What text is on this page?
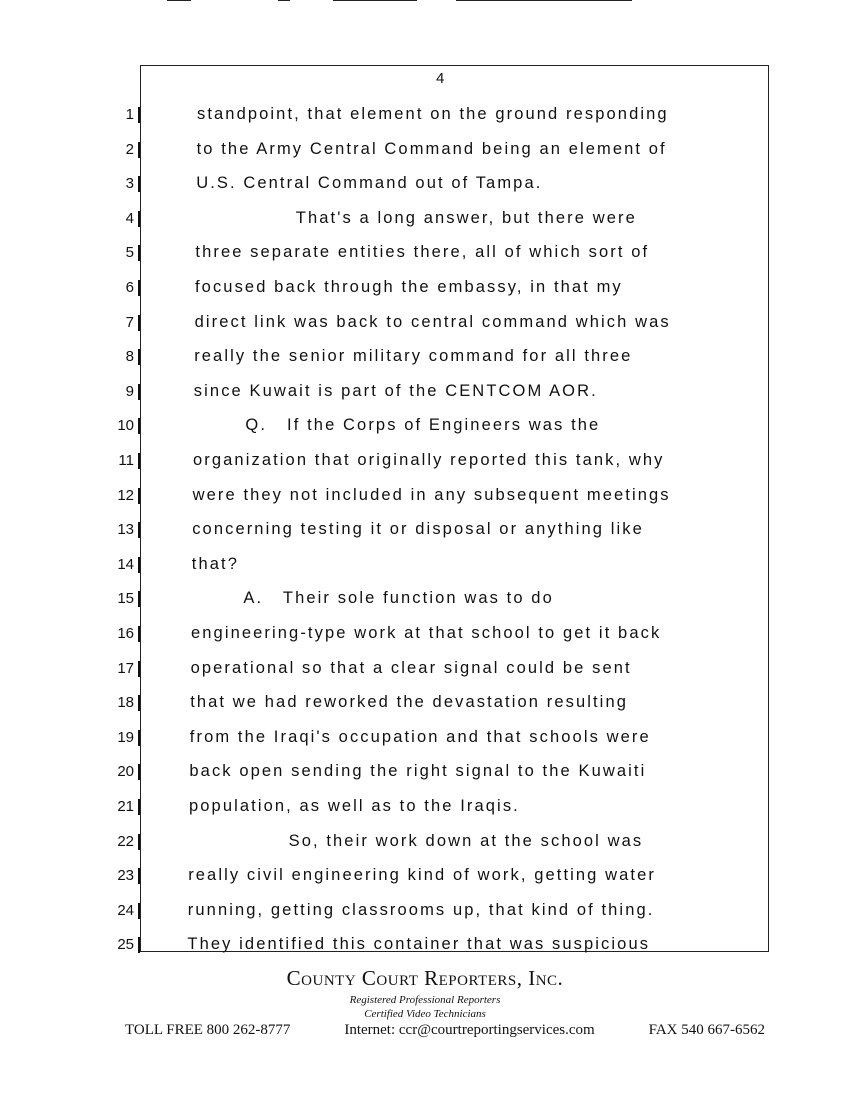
4
1	standpoint, that element on the ground responding
2	to the Army Central Command being an element of
3	U.S. Central Command out of Tampa.
4	That's a long answer, but there were
5	three separate entities there, all of which sort of
6	focused back through the embassy, in that my
7	direct link was back to central command which was
8	really the senior military command for all three
9	since Kuwait is part of the CENTCOM AOR.
10	Q.   If the Corps of Engineers was the
11	organization that originally reported this tank, why
12	were they not included in any subsequent meetings
13	concerning testing it or disposal or anything like
14	that?
15	A.   Their sole function was to do
16	engineering-type work at that school to get it back
17	operational so that a clear signal could be sent
18	that we had reworked the devastation resulting
19	from the Iraqi's occupation and that schools were
20	back open sending the right signal to the Kuwaiti
21	population, as well as to the Iraqis.
22	So, their work down at the school was
23	really civil engineering kind of work, getting water
24	running, getting classrooms up, that kind of thing.
25	They identified this container that was suspicious
County Court Reporters, Inc.
Registered Professional Reporters
Certified Video Technicians
TOLL FREE 800 262-8777	Internet: ccr@courtreportingservices.com	FAX 540 667-6562
